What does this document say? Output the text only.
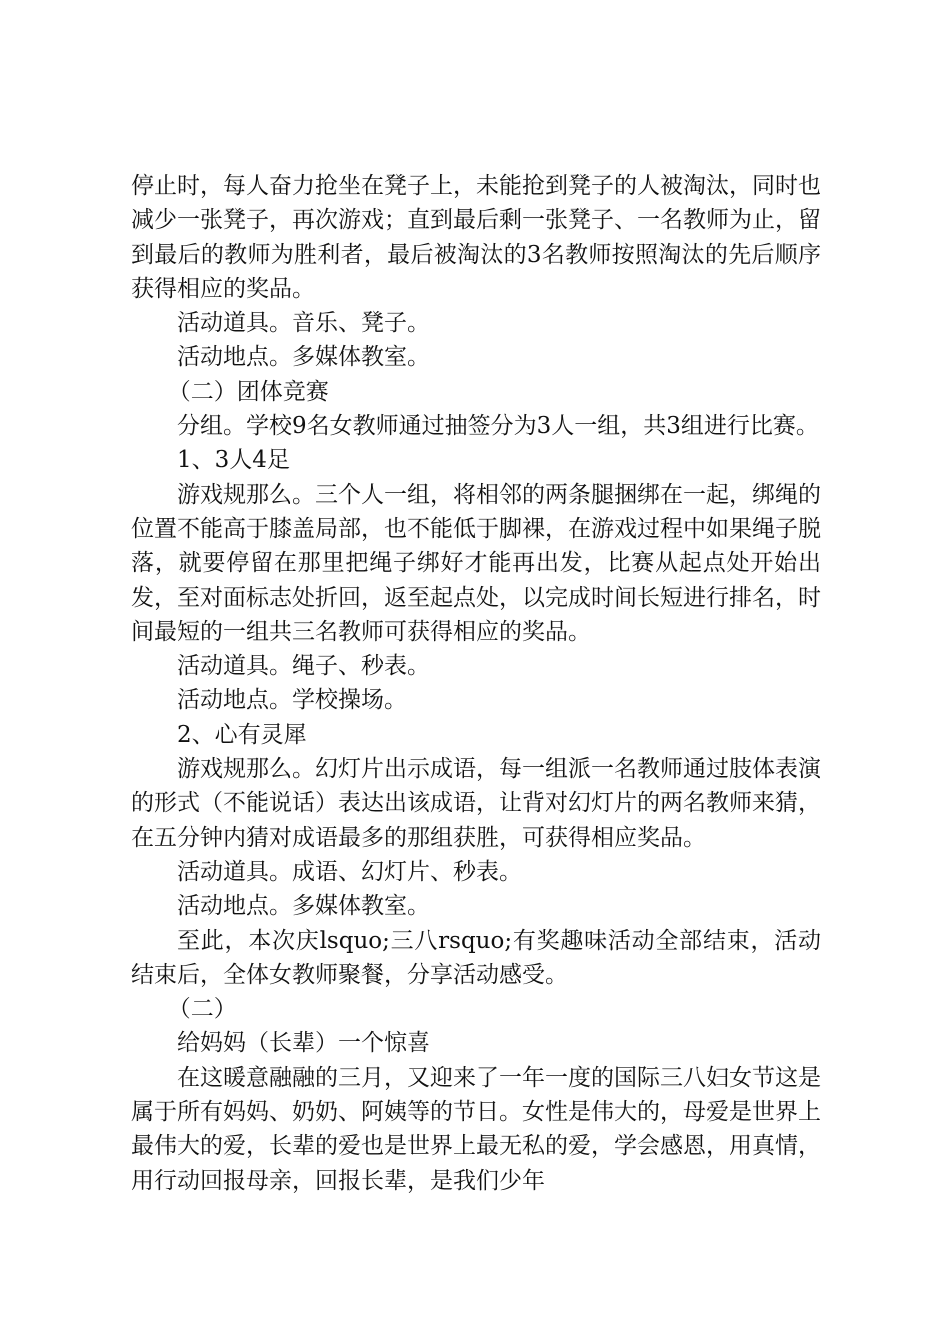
停止时，每人奋力抢坐在凳子上，未能抢到凳子的人被淘汰，同时也减少一张凳子，再次游戏；直到最后剩一张凳子、一名教师为止，留到最后的教师为胜利者，最后被淘汰的3名教师按照淘汰的先后顺序获得相应的奖品。

活动道具。音乐、凳子。

活动地点。多媒体教室。

（二）团体竞赛

分组。学校9名女教师通过抽签分为3人一组，共3组进行比赛。

1、3人4足

游戏规那么。三个人一组，将相邻的两条腿捆绑在一起，绑绳的位置不能高于膝盖局部，也不能低于脚裸，在游戏过程中如果绳子脱落，就要停留在那里把绳子绑好才能再出发，比赛从起点处开始出发，至对面标志处折回，返至起点处，以完成时间长短进行排名，时间最短的一组共三名教师可获得相应的奖品。

活动道具。绳子、秒表。

活动地点。学校操场。

2、心有灵犀

游戏规那么。幻灯片出示成语，每一组派一名教师通过肢体表演的形式（不能说话）表达出该成语，让背对幻灯片的两名教师来猜，在五分钟内猜对成语最多的那组获胜，可获得相应奖品。

活动道具。成语、幻灯片、秒表。

活动地点。多媒体教室。

至此，本次庆lsquo;三八rsquo;有奖趣味活动全部结束，活动结束后，全体女教师聚餐，分享活动感受。

（二）

给妈妈（长辈）一个惊喜

在这暖意融融的三月，又迎来了一年一度的国际三八妇女节这是属于所有妈妈、奶奶、阿姨等的节日。女性是伟大的，母爱是世界上最伟大的爱，长辈的爱也是世界上最无私的爱，学会感恩，用真情，用行动回报母亲，回报长辈，是我们少年
